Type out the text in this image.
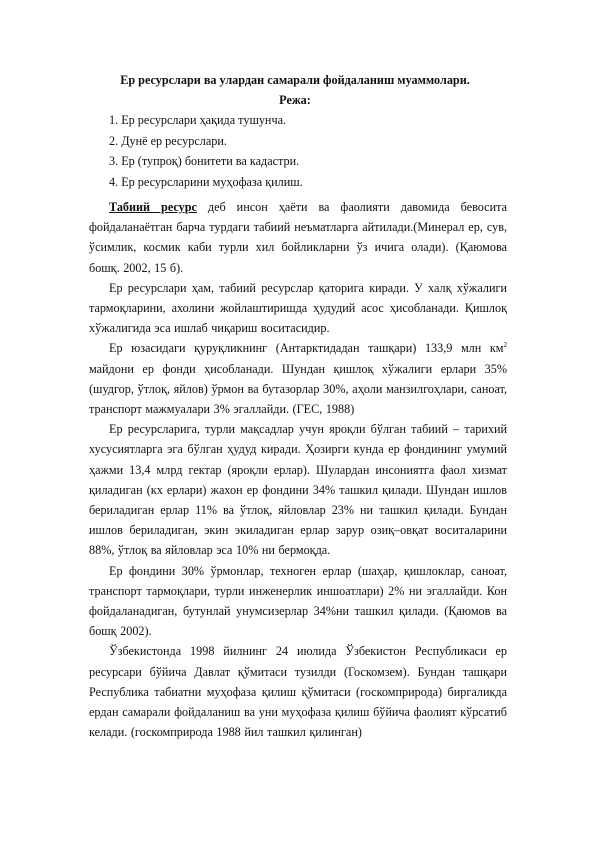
Ер ресурслари ва улардан самарали фойдаланиш муаммолари.
Режа:
1. Ер ресурслари ҳақида тушунча.
2. Дунё ер ресурслари.
3. Ер (тупроқ) бонитети ва кадастри.
4. Ер ресурсларини муҳофаза қилиш.

Табиий ресурс деб инсон ҳаёти ва фаолияти давомида бевосита фойдаланаётган барча турдаги табиий неъматларга айтилади.(Минерал ер, сув, ўсимлик, космик каби турли хил бойликларни ўз ичига олади). (Қаюмова бошқ. 2002, 15 б).

Ер ресурслари ҳам, табиий ресурслар қаторига киради. У халқ хўжалиги тармоқларини, ахолини жойлаштиришда ҳудудий асос ҳисобланади. Қишлоқ хўжалигида эса ишлаб чиқариш воситасидир.

Ер юзасидаги қуруқликнинг (Антарктидадан ташқари) 133,9 млн $км^2$ майдони ер фонди ҳисобланади. Шундан қишлоқ хўжалиги ерлари 35% (шудгор, ўтлоқ, яйлов) ўрмон ва бутазорлар 30%, аҳоли манзилгоҳлари, саноат, транспорт мажмуалари 3% эгаллайди. (ГЕС, 1988)

Ер ресурсларига, турли мақсадлар учун яроқли бўлган табиий – тарихий хусусиятларга эга бўлган ҳудуд киради. Ҳозирги кунда ер фондининг умумий ҳажми 13,4 млрд гектар (яроқли ерлар). Шулардан инсониятга фаол хизмат қиладиган (кх ерлари) жахон ер фондини 34% ташкил қилади. Шундан ишлов бериладиган ерлар 11% ва ўтлоқ, яйловлар 23% ни ташкил қилади. Бундан ишлов бериладиган, экин экиладиган ерлар зарур озиқ–овқат воситаларини 88%, ўтлоқ ва яйловлар эса 10% ни бермоқда.

Ер фондини 30% ўрмонлар, техноген ерлар (шаҳар, қишлоклар, саноат, транспорт тармоқлари, турли инженерлик иншоатлари) 2% ни эгаллайди. Кон фойдаланадиган, бутунлай унумсизерлар 34%ни ташкил қилади. (Қаюмов ва бошқ 2002).

Ўзбекистонда 1998 йилнинг 24 июлида Ўзбекистон Республикаси ер ресурсари бўйича Давлат қўмитаси тузилди (Госкомзем). Бундан ташқари Республика табиатни муҳофаза қилиш қўмитаси (госкомприрода) биргаликда ердан самарали фойдаланиш ва уни муҳофаза қилиш бўйича фаолият кўрсатиб келади. (госкомприрода 1988 йил ташкил қилинган)
